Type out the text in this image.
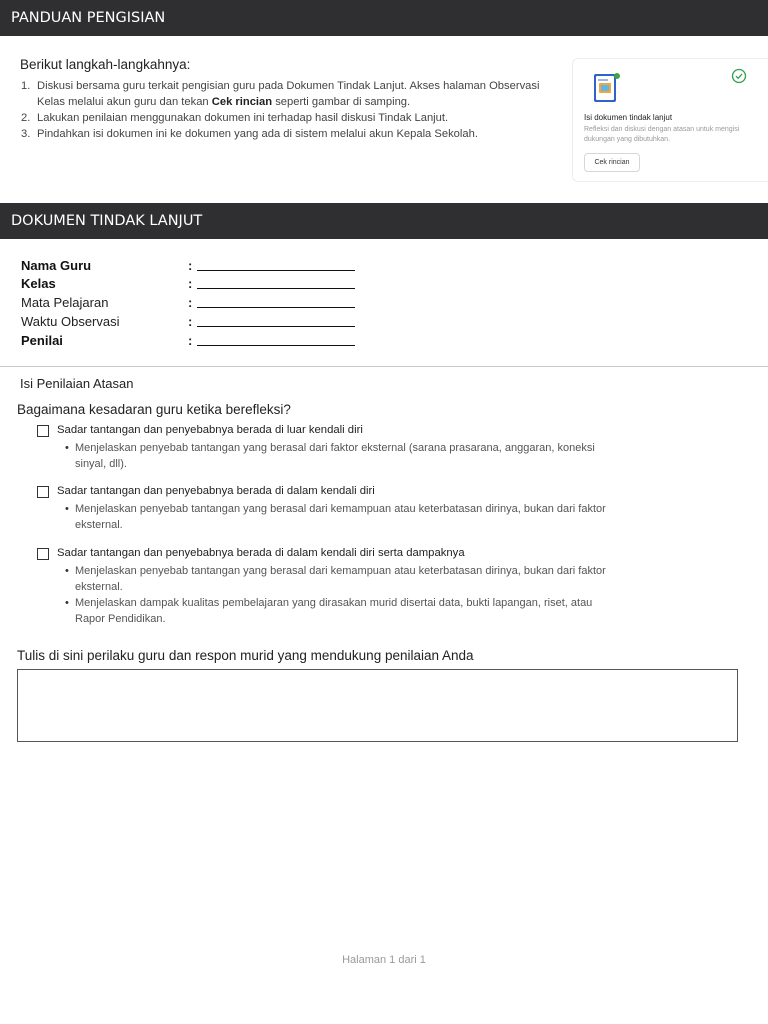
PANDUAN PENGISIAN
Berikut langkah-langkahnya:
1. Diskusi bersama guru terkait pengisian guru pada Dokumen Tindak Lanjut. Akses halaman Observasi Kelas melalui akun guru dan tekan Cek rincian seperti gambar di samping.
2. Lakukan penilaian menggunakan dokumen ini terhadap hasil diskusi Tindak Lanjut.
3. Pindahkan isi dokumen ini ke dokumen yang ada di sistem melalui akun Kepala Sekolah.
Isi dokumen tindak lanjut
Refleksi dan diskusi dengan atasan untuk mengisi dukungan yang dibutuhkan.
Cek rincian
DOKUMEN TINDAK LANJUT
Nama Guru	:
Kelas	:
Mata Pelajaran	:
Waktu Observasi	:
Penilai	:
Isi Penilaian Atasan
Bagaimana kesadaran guru ketika berefleksi?
Sadar tantangan dan penyebabnya berada di luar kendali diri
• Menjelaskan penyebab tantangan yang berasal dari faktor eksternal (sarana prasarana, anggaran, koneksi sinyal, dll).
Sadar tantangan dan penyebabnya berada di dalam kendali diri
• Menjelaskan penyebab tantangan yang berasal dari kemampuan atau keterbatasan dirinya, bukan dari faktor eksternal.
Sadar tantangan dan penyebabnya berada di dalam kendali diri serta dampaknya
• Menjelaskan penyebab tantangan yang berasal dari kemampuan atau keterbatasan dirinya, bukan dari faktor eksternal.
• Menjelaskan dampak kualitas pembelajaran yang dirasakan murid disertai data, bukti lapangan, riset, atau Rapor Pendidikan.
Tulis di sini perilaku guru dan respon murid yang mendukung penilaian Anda
Halaman 1 dari 1
